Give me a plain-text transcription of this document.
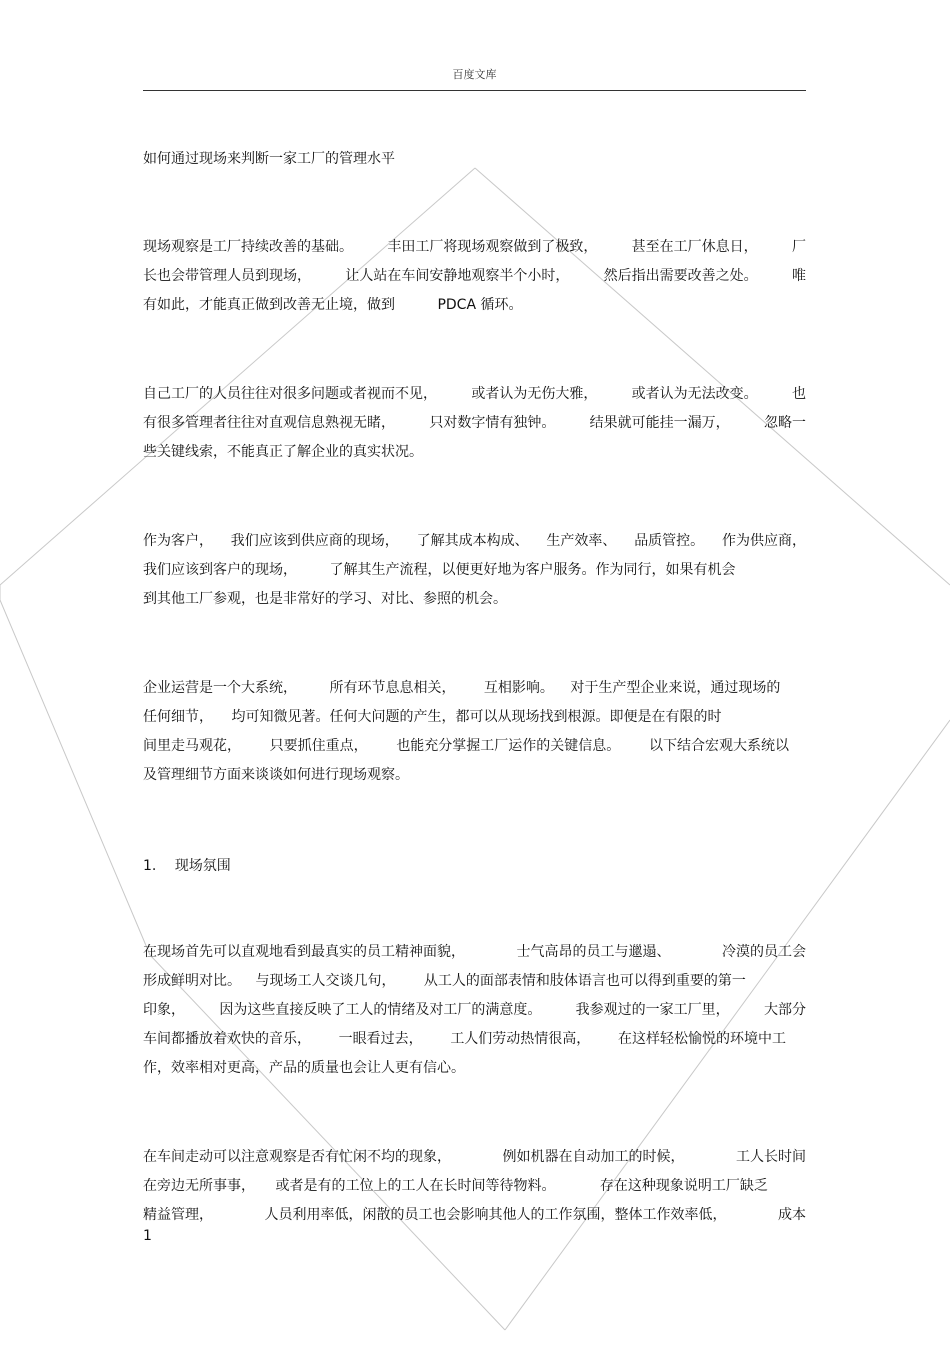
百度文库
如何通过现场来判断一家工厂的管理水平
现场观察是工厂持续改善的基础。 丰田工厂将现场观察做到了极致， 甚至在工厂休息日， 厂
长也会带管理人员到现场， 让人站在车间安静地观察半个小时， 然后指出需要改善之处。 唯
有如此，才能真正做到改善无止境，做到	PDCA 循环。
自己工厂的人员往往对很多问题或者视而不见， 或者认为无伤大雅， 或者认为无法改变。 也
有很多管理者往往对直观信息熟视无睹， 只对数字情有独钟。 结果就可能挂一漏万， 忽略一
些关键线索，不能真正了解企业的真实状况。
作为客户， 我们应该到供应商的现场， 了解其成本构成、 生产效率、 品质管控。 作为供应商，
我们应该到客户的现场， 了解其生产流程，以便更好地为客户服务。作为同行，如果有机会
到其他工厂参观，也是非常好的学习、对比、参照的机会。
企业运营是一个大系统， 所有环节息息相关， 互相影响。 对于生产型企业来说，通过现场的
任何细节， 均可知微见著。任何大问题的产生，都可以从现场找到根源。即便是在有限的时
间里走马观花， 只要抓住重点， 也能充分掌握工厂运作的关键信息。 以下结合宏观大系统以
及管理细节方面来谈谈如何进行现场观察。
1. 现场氛围
在现场首先可以直观地看到最真实的员工精神面貌，	士气高昂的员工与邋遢、	冷漠的员工会
形成鲜明对比。 与现场工人交谈几句， 从工人的面部表情和肢体语言也可以得到重要的第一
印象， 因为这些直接反映了工人的情绪及对工厂的满意度。 我参观过的一家工厂里， 大部分
车间都播放着欢快的音乐， 一眼看过去， 工人们劳动热情很高， 在这样轻松愉悦的环境中工
作，效率相对更高，产品的质量也会让人更有信心。
在车间走动可以注意观察是否有忙闲不均的现象，	例如机器在自动加工的时候，	工人长时间
在旁边无所事事， 或者是有的工位上的工人在长时间等待物料。	存在这种现象说明工厂缺乏
精益管理，	人员利用率低，闲散的员工也会影响其他人的工作氛围，整体工作效率低，	成本
1
